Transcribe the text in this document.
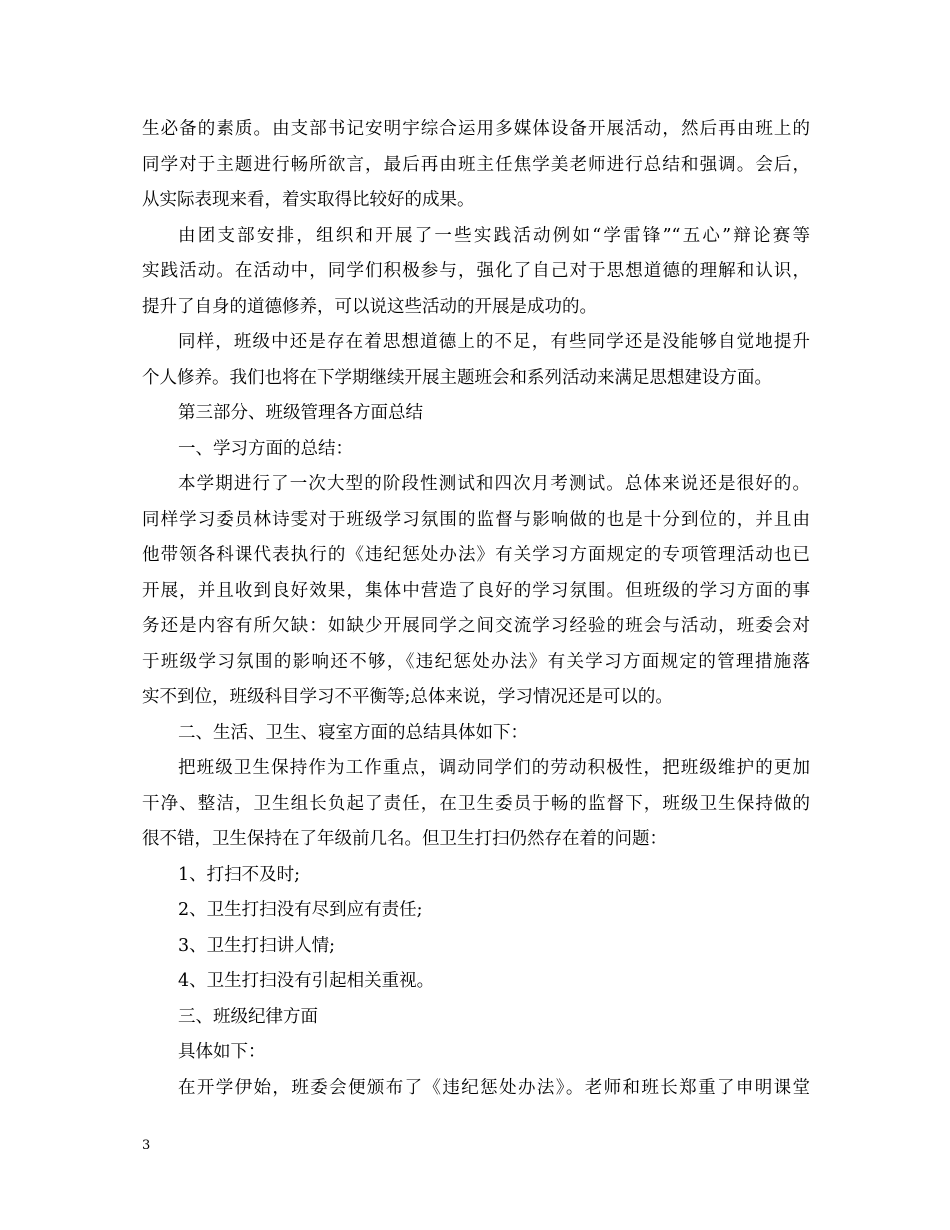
生必备的素质。由支部书记安明宇综合运用多媒体设备开展活动，然后再由班上的
同学对于主题进行畅所欲言，最后再由班主任焦学美老师进行总结和强调。会后，
从实际表现来看，着实取得比较好的成果。
由团支部安排，组织和开展了一些实践活动例如“学雷锋”“五心”辩论赛等
实践活动。在活动中，同学们积极参与，强化了自己对于思想道德的理解和认识，
提升了自身的道德修养，可以说这些活动的开展是成功的。
同样，班级中还是存在着思想道德上的不足，有些同学还是没能够自觉地提升
个人修养。我们也将在下学期继续开展主题班会和系列活动来满足思想建设方面。
第三部分、班级管理各方面总结
一、学习方面的总结：
本学期进行了一次大型的阶段性测试和四次月考测试。总体来说还是很好的。
同样学习委员林诗雯对于班级学习氛围的监督与影响做的也是十分到位的，并且由
他带领各科课代表执行的《违纪惩处办法》有关学习方面规定的专项管理活动也已
开展，并且收到良好效果，集体中营造了良好的学习氛围。但班级的学习方面的事
务还是内容有所欠缺：如缺少开展同学之间交流学习经验的班会与活动，班委会对
于班级学习氛围的影响还不够，《违纪惩处办法》有关学习方面规定的管理措施落
实不到位，班级科目学习不平衡等;总体来说，学习情况还是可以的。
二、生活、卫生、寝室方面的总结具体如下：
把班级卫生保持作为工作重点，调动同学们的劳动积极性，把班级维护的更加
干净、整洁，卫生组长负起了责任，在卫生委员于畅的监督下，班级卫生保持做的
很不错，卫生保持在了年级前几名。但卫生打扫仍然存在着的问题：
1、打扫不及时;
2、卫生打扫没有尽到应有责任;
3、卫生打扫讲人情;
4、卫生打扫没有引起相关重视。
三、班级纪律方面
具体如下：
在开学伊始，班委会便颁布了《违纪惩处办法》。老师和班长郑重了申明课堂
3
